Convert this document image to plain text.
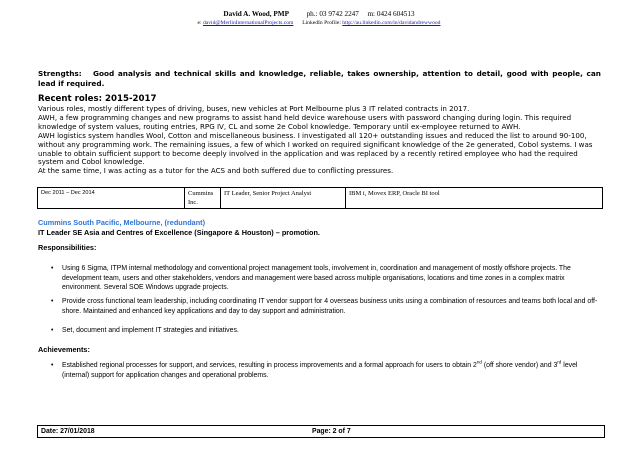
David A. Wood, PMP ph.: 03 9742 2247 m: 0424 604513
e: david@MerlinInternationalProjects.com LinkedIn Profile: http://au.linkedin.com/in/davidandrewwood
Strengths: Good analysis and technical skills and knowledge, reliable, takes ownership, attention to detail, good with people, can lead if required.
Recent roles: 2015-2017
Various roles, mostly different types of driving, buses, new vehicles at Port Melbourne plus 3 IT related contracts in 2017.
AWH, a few programming changes and new programs to assist hand held device warehouse users with password changing during login. This required knowledge of system values, routing entries, RPG IV, CL and some 2e Cobol knowledge. Temporary until ex-employee returned to AWH.
AWH logistics system handles Wool, Cotton and miscellaneous business. I investigated all 120+ outstanding issues and reduced the list to around 90-100, without any programming work. The remaining issues, a few of which I worked on required significant knowledge of the 2e generated, Cobol systems. I was unable to obtain sufficient support to become deeply involved in the application and was replaced by a recently retired employee who had the required system and Cobol knowledge.
At the same time, I was acting as a tutor for the ACS and both suffered due to conflicting pressures.
Dec 2011 – Dec 2014	Cummins Inc.	IT Leader, Senior Project Analyst	IBM i, Movex ERP, Oracle BI tool
Cummins South Pacific, Melbourne, (redundant)
IT Leader SE Asia and Centres of Excellence (Singapore & Houston) – promotion.
Responsibilities:
• Using 6 Sigma, ITPM internal methodology and conventional project management tools, involvement in, coordination and management of mostly offshore projects. The development team, users and other stakeholders, vendors and management were based across multiple organisations, locations and time zones in a complex matrix environment. Several SOE Windows upgrade projects.
• Provide cross functional team leadership, including coordinating IT vendor support for 4 overseas business units using a combination of resources and teams both local and off-shore. Maintained and enhanced key applications and day to day support and administration.
• Set, document and implement IT strategies and initiatives.
Achievements:
• Established regional processes for support, and services, resulting in process improvements and a formal approach for users to obtain 2nd (off shore vendor) and 3rd level (internal) support for application changes and operational problems.
Date: 27/01/2018	Page: 2 of 7
